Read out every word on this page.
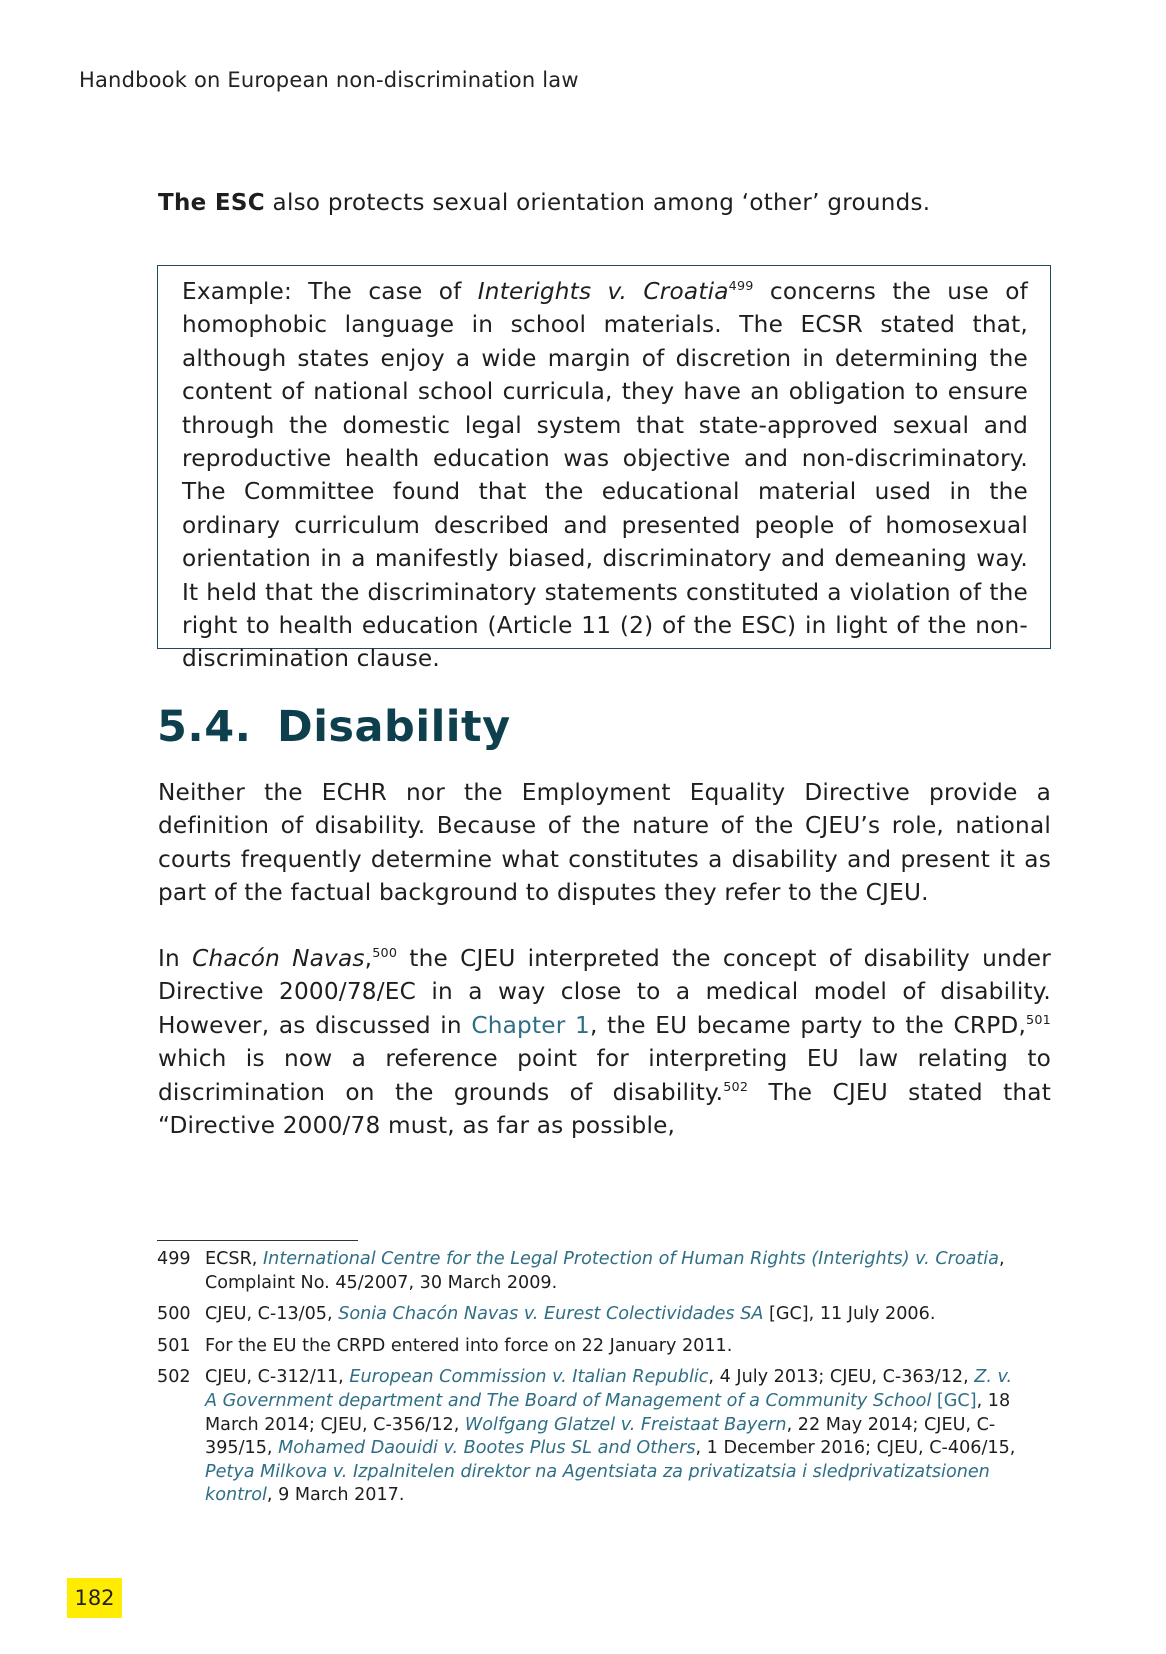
Handbook on European non-discrimination law

The ESC also protects sexual orientation among ‘other’ grounds.

Example: The case of Interights v. Croatia$^{499}$ concerns the use of homophobic language in school materials. The ECSR stated that, although states enjoy a wide margin of discretion in determining the content of national school curricula, they have an obligation to ensure through the domestic legal system that state-approved sexual and reproductive health education was objective and non-discriminatory. The Committee found that the educational material used in the ordinary curriculum described and presented people of homosexual orientation in a manifestly biased, discriminatory and demeaning way. It held that the discriminatory statements constituted a violation of the right to health education (Article 11 (2) of the ESC) in light of the non-discrimination clause.

5.4. Disability

Neither the ECHR nor the Employment Equality Directive provide a definition of disability. Because of the nature of the CJEU’s role, national courts frequently determine what constitutes a disability and present it as part of the factual background to disputes they refer to the CJEU.

In Chacón Navas,$^{500}$ the CJEU interpreted the concept of disability under Directive 2000/78/EC in a way close to a medical model of disability. However, as discussed in Chapter 1, the EU became party to the CRPD,$^{501}$ which is now a reference point for interpreting EU law relating to discrimination on the grounds of disability.$^{502}$ The CJEU stated that “Directive 2000/78 must, as far as possible,

499 ECSR, International Centre for the Legal Protection of Human Rights (Interights) v. Croatia, Complaint No. 45/2007, 30 March 2009.
500 CJEU, C-13/05, Sonia Chacón Navas v. Eurest Colectividades SA [GC], 11 July 2006.
501 For the EU the CRPD entered into force on 22 January 2011.
502 CJEU, C-312/11, European Commission v. Italian Republic, 4 July 2013; CJEU, C-363/12, Z. v. A Government department and The Board of Management of a Community School [GC], 18 March 2014; CJEU, C-356/12, Wolfgang Glatzel v. Freistaat Bayern, 22 May 2014; CJEU, C-395/15, Mohamed Daouidi v. Bootes Plus SL and Others, 1 December 2016; CJEU, C-406/15, Petya Milkova v. Izpalnitelen direktor na Agentsiata za privatizatsia i sledprivatizatsionen kontrol, 9 March 2017.
182
